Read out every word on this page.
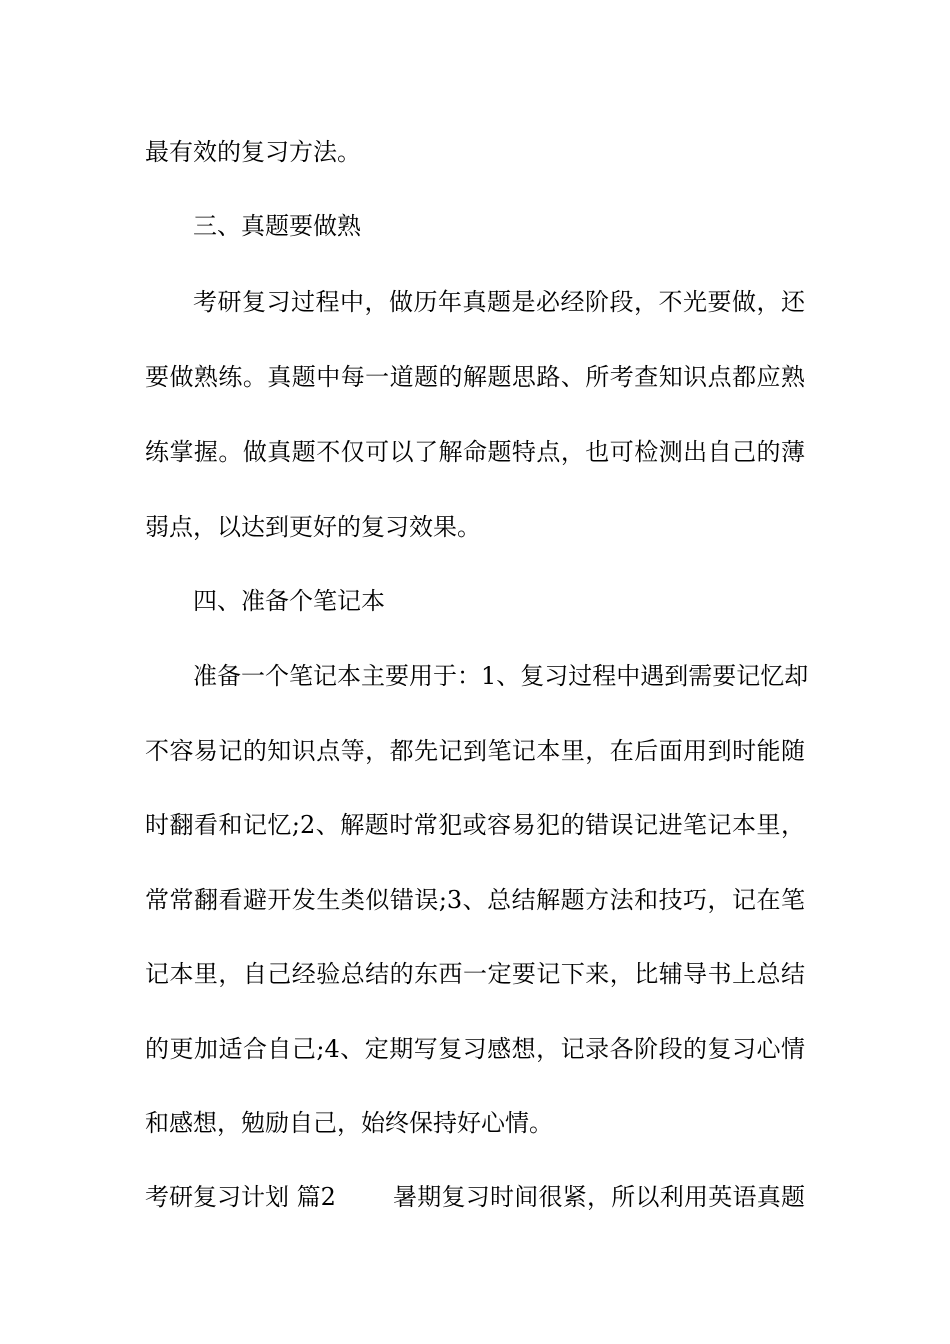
最有效的复习方法。
三、真题要做熟
考研复习过程中，做历年真题是必经阶段，不光要做，还
要做熟练。真题中每一道题的解题思路、所考查知识点都应熟
练掌握。做真题不仅可以了解命题特点，也可检测出自己的薄
弱点，以达到更好的复习效果。
四、准备个笔记本
准备一个笔记本主要用于：1、复习过程中遇到需要记忆却
不容易记的知识点等，都先记到笔记本里，在后面用到时能随
时翻看和记忆;2、解题时常犯或容易犯的错误记进笔记本里，
常常翻看避开发生类似错误;3、总结解题方法和技巧，记在笔
记本里，自己经验总结的东西一定要记下来，比辅导书上总结
的更加适合自己;4、定期写复习感想，记录各阶段的复习心情
和感想，勉励自己，始终保持好心情。
考研复习计划 篇2 暑期复习时间很紧，所以利用英语真题
